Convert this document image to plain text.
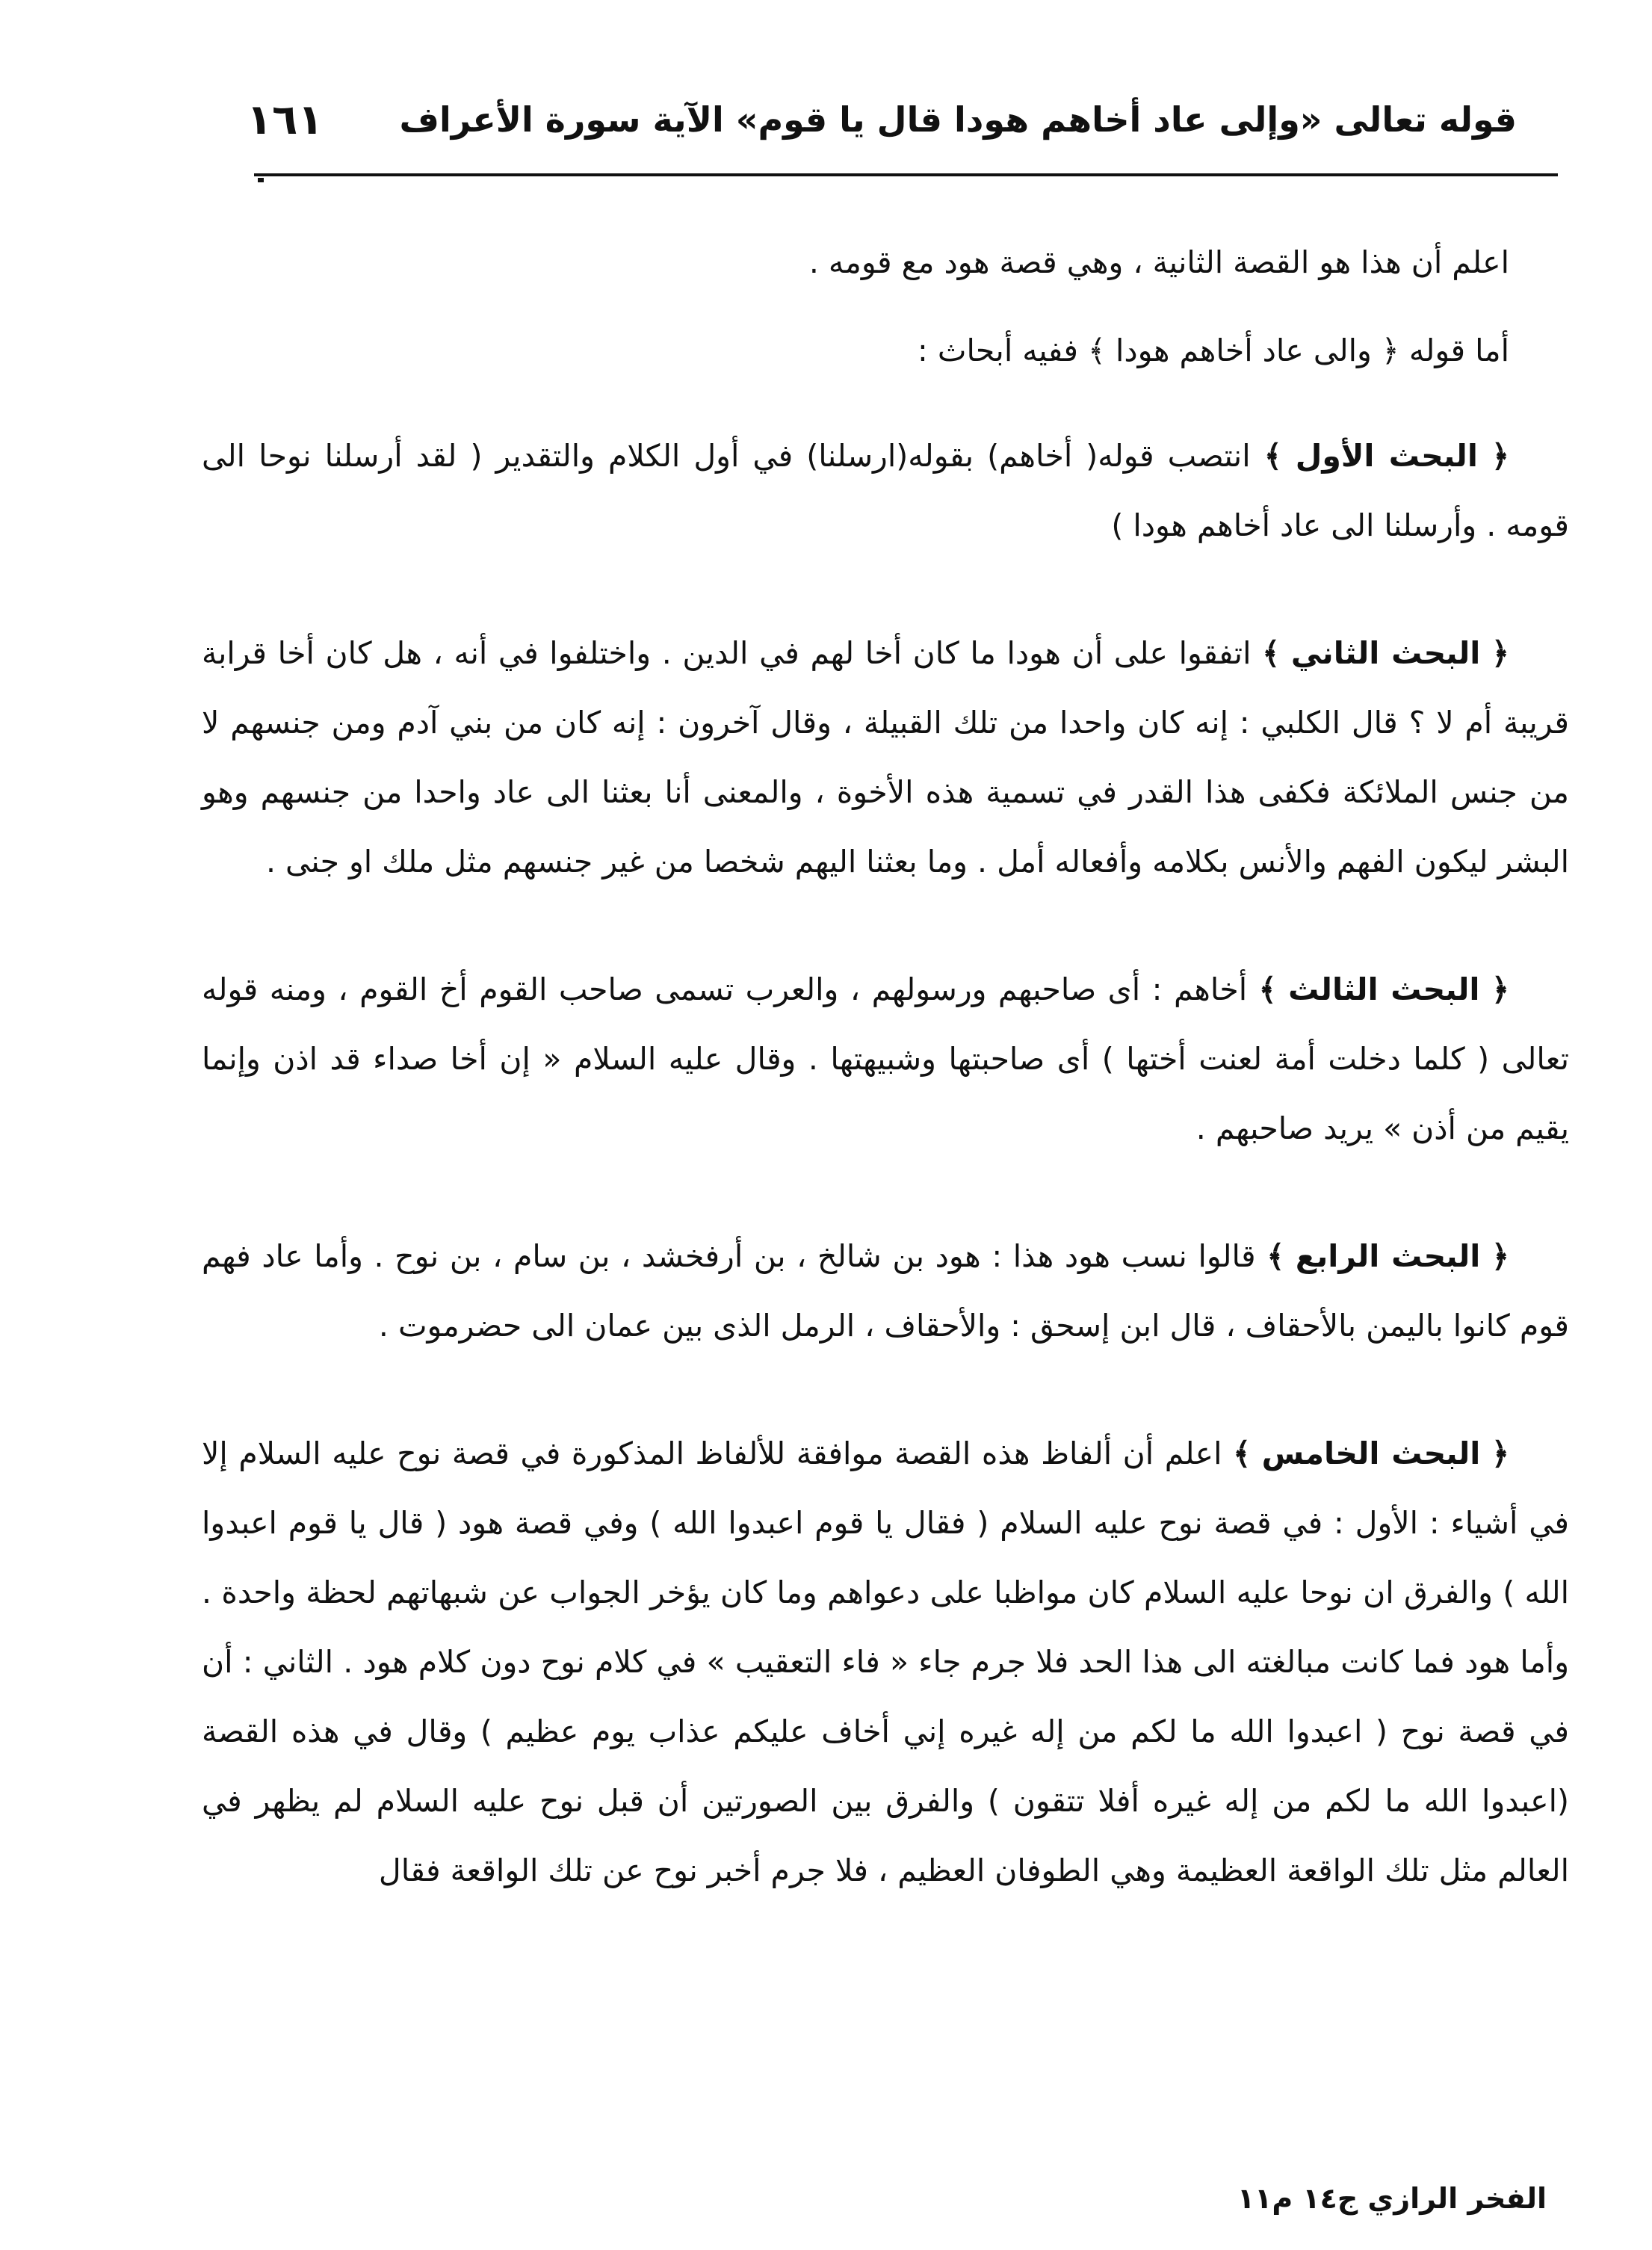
قوله تعالى «وإلى عاد أخاهم هودا قال يا قوم» الآية سورة الأعراف
١٦١

اعلم أن هذا هو القصة الثانية ، وهي قصة هود مع قومه .

أما قوله ﴿ والى عاد أخاهم هودا ﴾ ففيه أبحاث :

﴿ البحث الأول ﴾ انتصب قوله( أخاهم) بقوله(ارسلنا) في أول الكلام والتقدير ( لقد أرسلنا نوحا الى قومه . وأرسلنا الى عاد أخاهم هودا )

﴿ البحث الثاني ﴾ اتفقوا على أن هودا ما كان أخا لهم في الدين . واختلفوا في أنه ، هل كان أخا قرابة قريبة أم لا ؟ قال الكلبي : إنه كان واحدا من تلك القبيلة ، وقال آخرون : إنه كان من بني آدم ومن جنسهم لا من جنس الملائكة فكفى هذا القدر في تسمية هذه الأخوة ، والمعنى أنا بعثنا الى عاد واحدا من جنسهم وهو البشر ليكون الفهم والأنس بكلامه وأفعاله أمل . وما بعثنا اليهم شخصا من غير جنسهم مثل ملك او جنى .

﴿ البحث الثالث ﴾ أخاهم : أى صاحبهم ورسولهم ، والعرب تسمى صاحب القوم أخ القوم ، ومنه قوله تعالى ( كلما دخلت أمة لعنت أختها ) أى صاحبتها وشبيهتها . وقال عليه السلام « إن أخا صداء قد اذن وإنما يقيم من أذن » يريد صاحبهم .

﴿ البحث الرابع ﴾ قالوا نسب هود هذا : هود بن شالخ ، بن أرفخشد ، بن سام ، بن نوح . وأما عاد فهم قوم كانوا باليمن بالأحقاف ، قال ابن إسحق : والأحقاف ، الرمل الذى بين عمان الى حضرموت .

﴿ البحث الخامس ﴾ اعلم أن ألفاظ هذه القصة موافقة للألفاظ المذكورة في قصة نوح عليه السلام إلا في أشياء : الأول : في قصة نوح عليه السلام ( فقال يا قوم اعبدوا الله ) وفي قصة هود ( قال يا قوم اعبدوا الله ) والفرق ان نوحا عليه السلام كان مواظبا على دعواهم وما كان يؤخر الجواب عن شبهاتهم لحظة واحدة . وأما هود فما كانت مبالغته الى هذا الحد فلا جرم جاء « فاء التعقيب » في كلام نوح دون كلام هود . الثاني : أن في قصة نوح ( اعبدوا الله ما لكم من إله غيره إني أخاف عليكم عذاب يوم عظيم ) وقال في هذه القصة (اعبدوا الله ما لكم من إله غيره أفلا تتقون ) والفرق بين الصورتين أن قبل نوح عليه السلام لم يظهر في العالم مثل تلك الواقعة العظيمة وهي الطوفان العظيم ، فلا جرم أخبر نوح عن تلك الواقعة فقال

الفخر الرازي ج١٤ م١١
